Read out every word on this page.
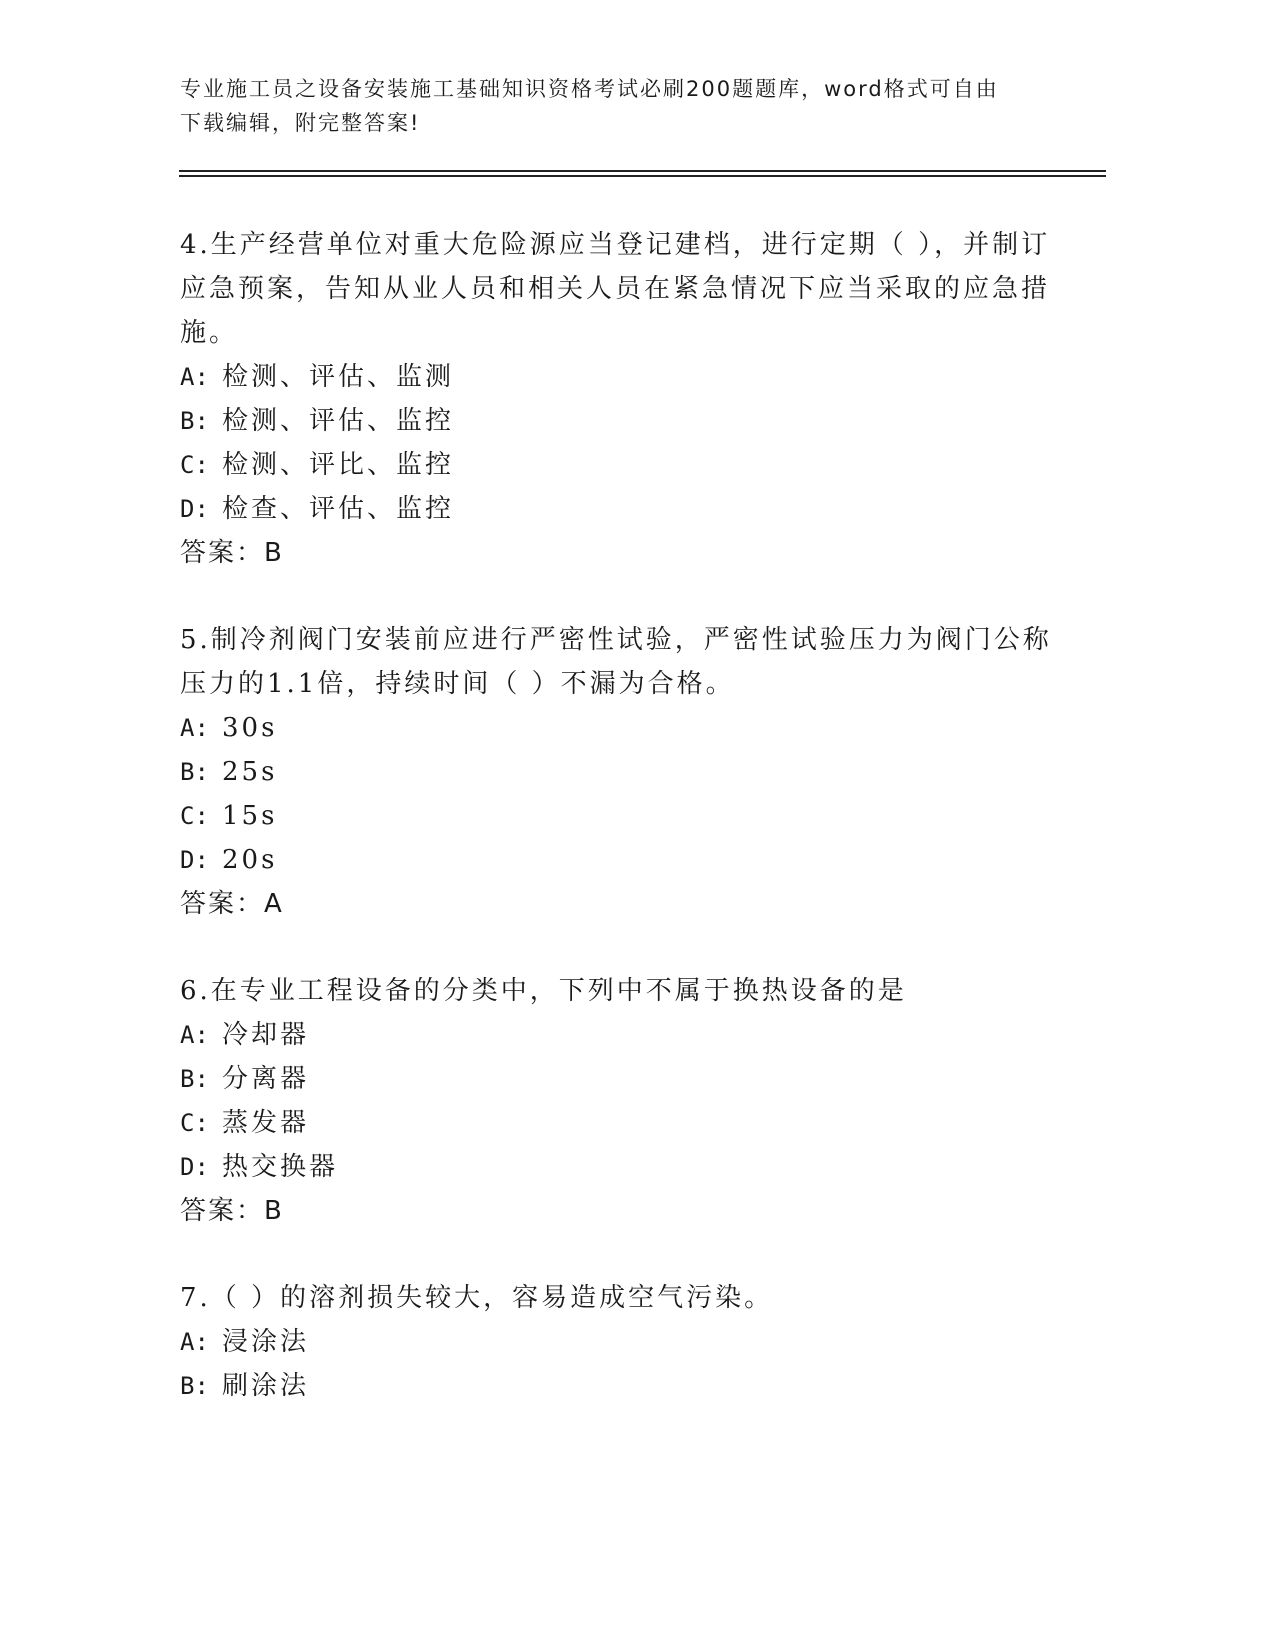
专业施工员之设备安装施工基础知识资格考试必刷200题题库，word格式可自由
下载编辑，附完整答案!

4.生产经营单位对重大危险源应当登记建档，进行定期（ ），并制订

应急预案，告知从业人员和相关人员在紧急情况下应当采取的应急措

施。

A: 检测、评估、监测
B: 检测、评估、监控
C: 检测、评比、监控
D: 检查、评估、监控

答案：B

5.制冷剂阀门安装前应进行严密性试验，严密性试验压力为阀门公称

压力的1.1倍，持续时间（ ）不漏为合格。

A: 30s
B: 25s
C: 15s
D: 20s

答案：A

6.在专业工程设备的分类中，下列中不属于换热设备的是

A: 冷却器
B: 分离器
C: 蒸发器
D: 热交换器

答案：B

7.（ ）的溶剂损失较大，容易造成空气污染。

A: 浸涂法
B: 刷涂法
